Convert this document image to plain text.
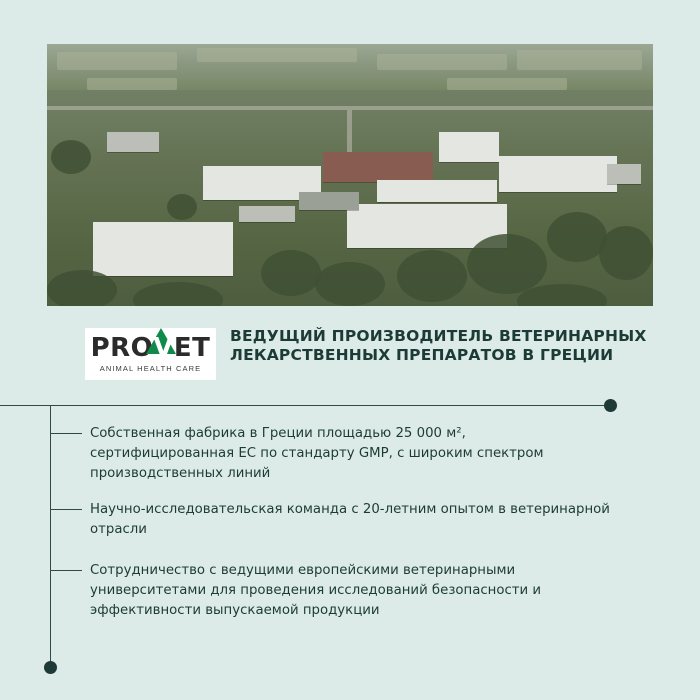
PRO
VET
ANIMAL HEALTH CARE
ВЕДУЩИЙ ПРОИЗВОДИТЕЛЬ ВЕТЕРИНАРНЫХ ЛЕКАРСТВЕННЫХ ПРЕПАРАТОВ В ГРЕЦИИ
Собственная фабрика в Греции площадью 25 000 м², сертифицированная ЕС по стандарту GMP, с широким спектром производственных линий
Научно-исследовательская команда с 20-летним опытом в ветеринарной отрасли
Сотрудничество с ведущими европейскими ветеринарными университетами для проведения исследований безопасности и эффективности выпускаемой продукции
